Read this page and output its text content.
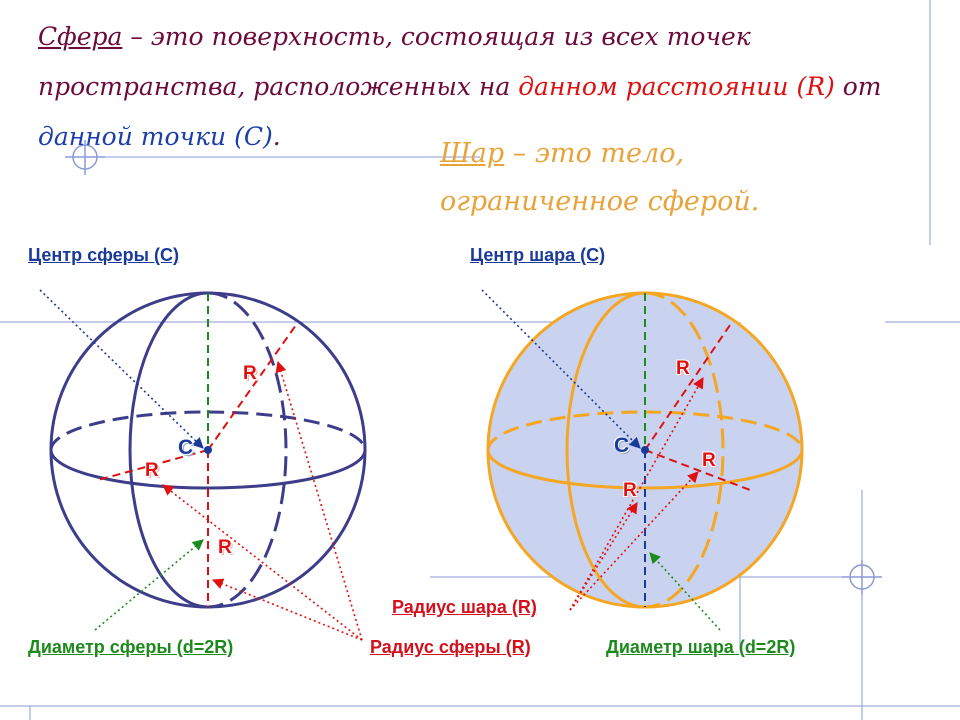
Сфера – это поверхность, состоящая из всех точек пространства, расположенных на данном расстоянии (R) от данной точки (С).

Шар – это тело, ограниченное сферой.

Центр сферы (С)	Центр шара (С)

Диаметр сферы (d=2R)	Диаметр шара (d=2R)

Радиус сферы (R)

Радиус шара (R)

R

R

R

C

R

R

R

C
